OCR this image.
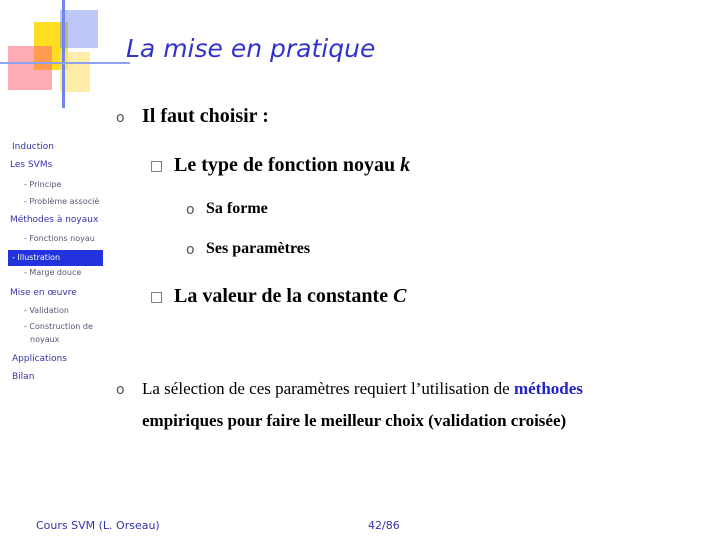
La mise en pratique
Induction
Les SVMs
- Principe
- Problème associé
Méthodes à noyaux
- Fonctions noyau
- Illustration
- Marge douce
Mise en œuvre
- Validation
- Construction de
noyaux
Applications
Bilan
o Il faut choisir :
□ Le type de fonction noyau k
o Sa forme
o Ses paramètres
□ La valeur de la constante C
o La sélection de ces paramètres requiert l’utilisation de méthodes
empiriques pour faire le meilleur choix (validation croisée)
Cours SVM (L. Orseau)	42/86
